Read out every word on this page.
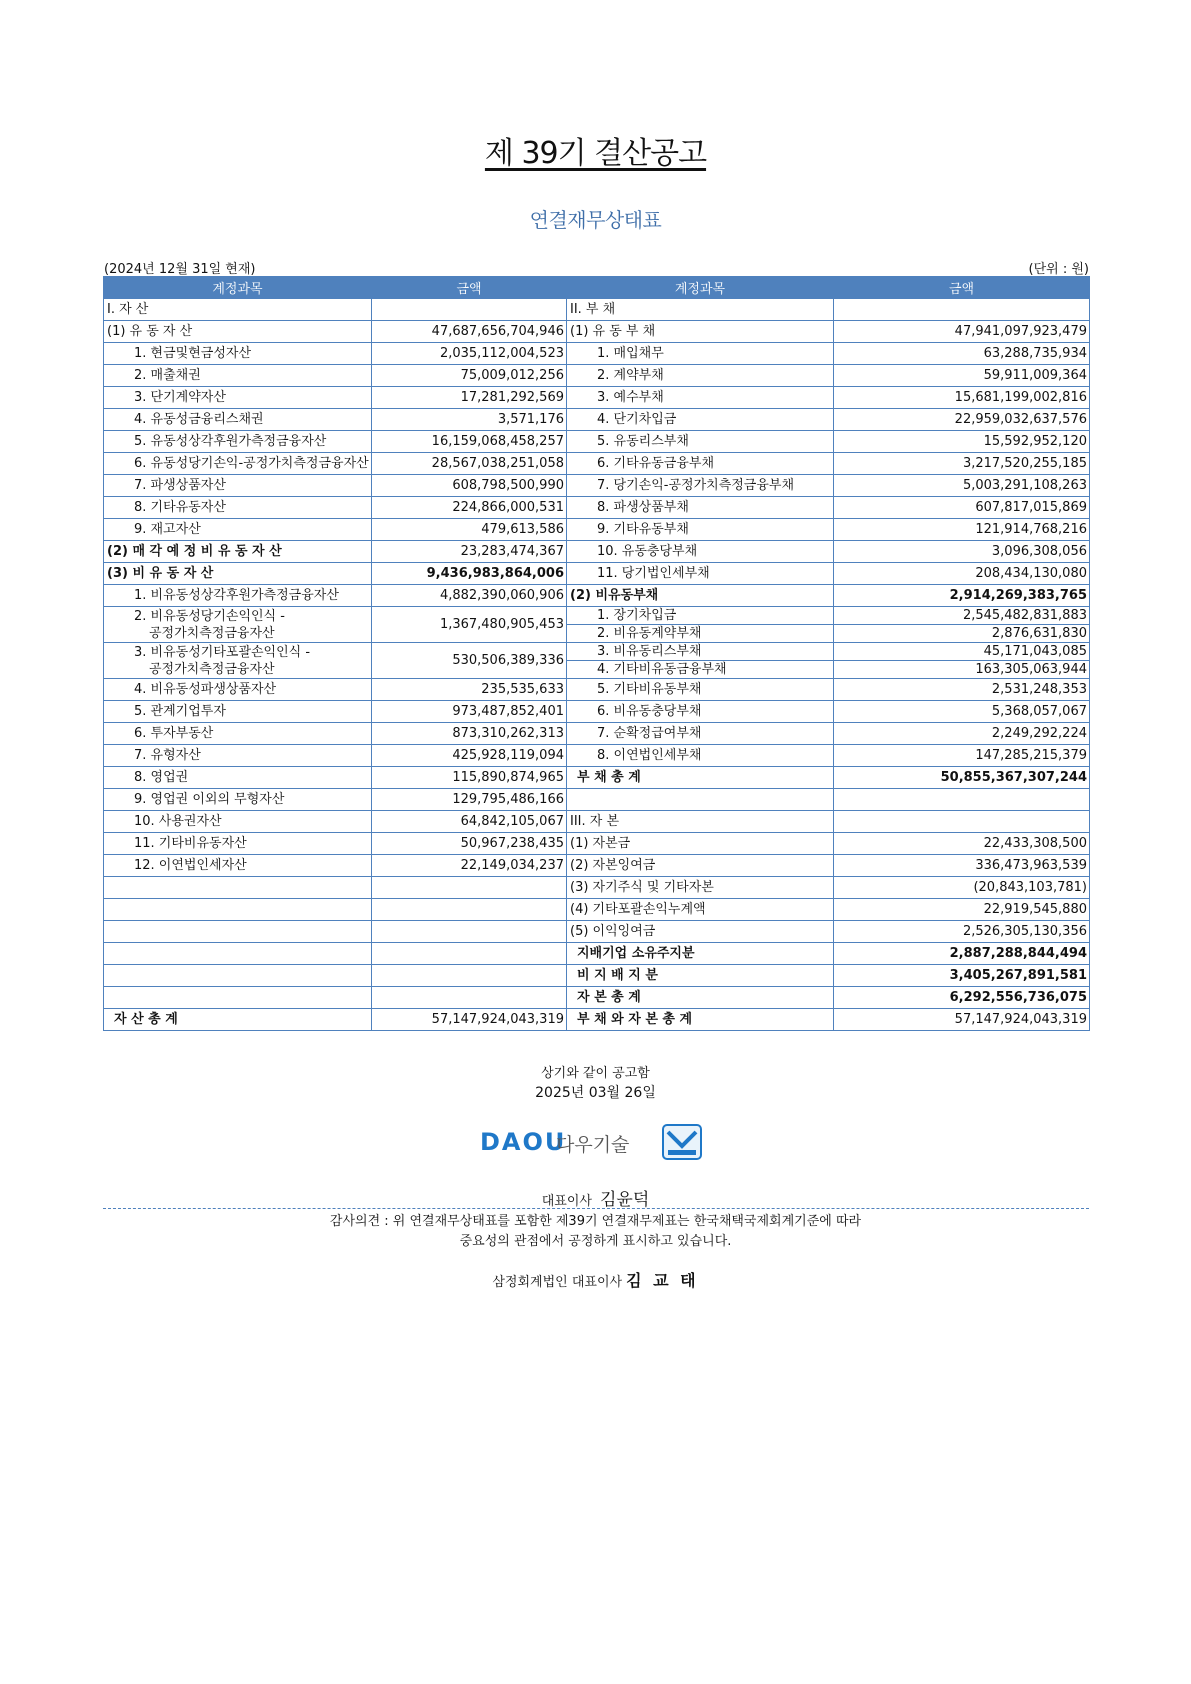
제 39기 결산공고
연결재무상태표
(2024년 12월 31일 현재)	(단위 : 원)
계정과목	금액	계정과목	금액
I. 자 산		II. 부 채	
(1) 유 동 자 산	47,687,656,704,946	(1) 유 동 부 채	47,941,097,923,479
1. 현금및현금성자산	2,035,112,004,523	1. 매입채무	63,288,735,934
2. 매출채권	75,009,012,256	2. 계약부채	59,911,009,364
3. 단기계약자산	17,281,292,569	3. 예수부채	15,681,199,002,816
4. 유동성금융리스채권	3,571,176	4. 단기차입금	22,959,032,637,576
5. 유동성상각후원가측정금융자산	16,159,068,458,257	5. 유동리스부채	15,592,952,120
6. 유동성당기손익-공정가치측정금융자산	28,567,038,251,058	6. 기타유동금융부채	3,217,520,255,185
7. 파생상품자산	608,798,500,990	7. 당기손익-공정가치측정금융부채	5,003,291,108,263
8. 기타유동자산	224,866,000,531	8. 파생상품부채	607,817,015,869
9. 재고자산	479,613,586	9. 기타유동부채	121,914,768,216
(2) 매 각 예 정 비 유 동 자 산	23,283,474,367	10. 유동충당부채	3,096,308,056
(3) 비 유 동 자 산	9,436,983,864,006	11. 당기법인세부채	208,434,130,080
1. 비유동성상각후원가측정금융자산	4,882,390,060,906	(2) 비유동부채	2,914,269,383,765

2. 비유동성당기손익인식 -
공정가치측정금융자산	1,367,480,905,453	1. 장기차입금	2,545,482,831,883
		2. 비유동계약부채	2,876,631,830

3. 비유동성기타포괄손익인식 -
공정가치측정금융자산	530,506,389,336	3. 비유동리스부채	45,171,043,085
		4. 기타비유동금융부채	163,305,063,944
4. 비유동성파생상품자산	235,535,633	5. 기타비유동부채	2,531,248,353
5. 관계기업투자	973,487,852,401	6. 비유동충당부채	5,368,057,067
6. 투자부동산	873,310,262,313	7. 순확정급여부채	2,249,292,224
7. 유형자산	425,928,119,094	8. 이연법인세부채	147,285,215,379
8. 영업권	115,890,874,965	부 채 총 계	50,855,367,307,244
9. 영업권 이외의 무형자산	129,795,486,166		
10. 사용권자산	64,842,105,067	III. 자 본	
11. 기타비유동자산	50,967,238,435	(1) 자본금	22,433,308,500
12. 이연법인세자산	22,149,034,237	(2) 자본잉여금	336,473,963,539
		(3) 자기주식 및 기타자본	(20,843,103,781)
		(4) 기타포괄손익누계액	22,919,545,880
		(5) 이익잉여금	2,526,305,130,356
		지배기업 소유주지분	2,887,288,844,494
		비 지 배 지 분	3,405,267,891,581
		자 본 총 계	6,292,556,736,075
자 산 총 계	57,147,924,043,319	부 채 와 자 본 총 계	57,147,924,043,319
상기와 같이 공고함
2025년 03월 26일
DAOU
다우기술
대표이사 김윤덕
감사의견 : 위 연결재무상태표를 포함한 제39기 연결재무제표는 한국채택국제회계기준에 따라
중요성의 관점에서 공정하게 표시하고 있습니다.
삼정회계법인 대표이사 김 교 태
